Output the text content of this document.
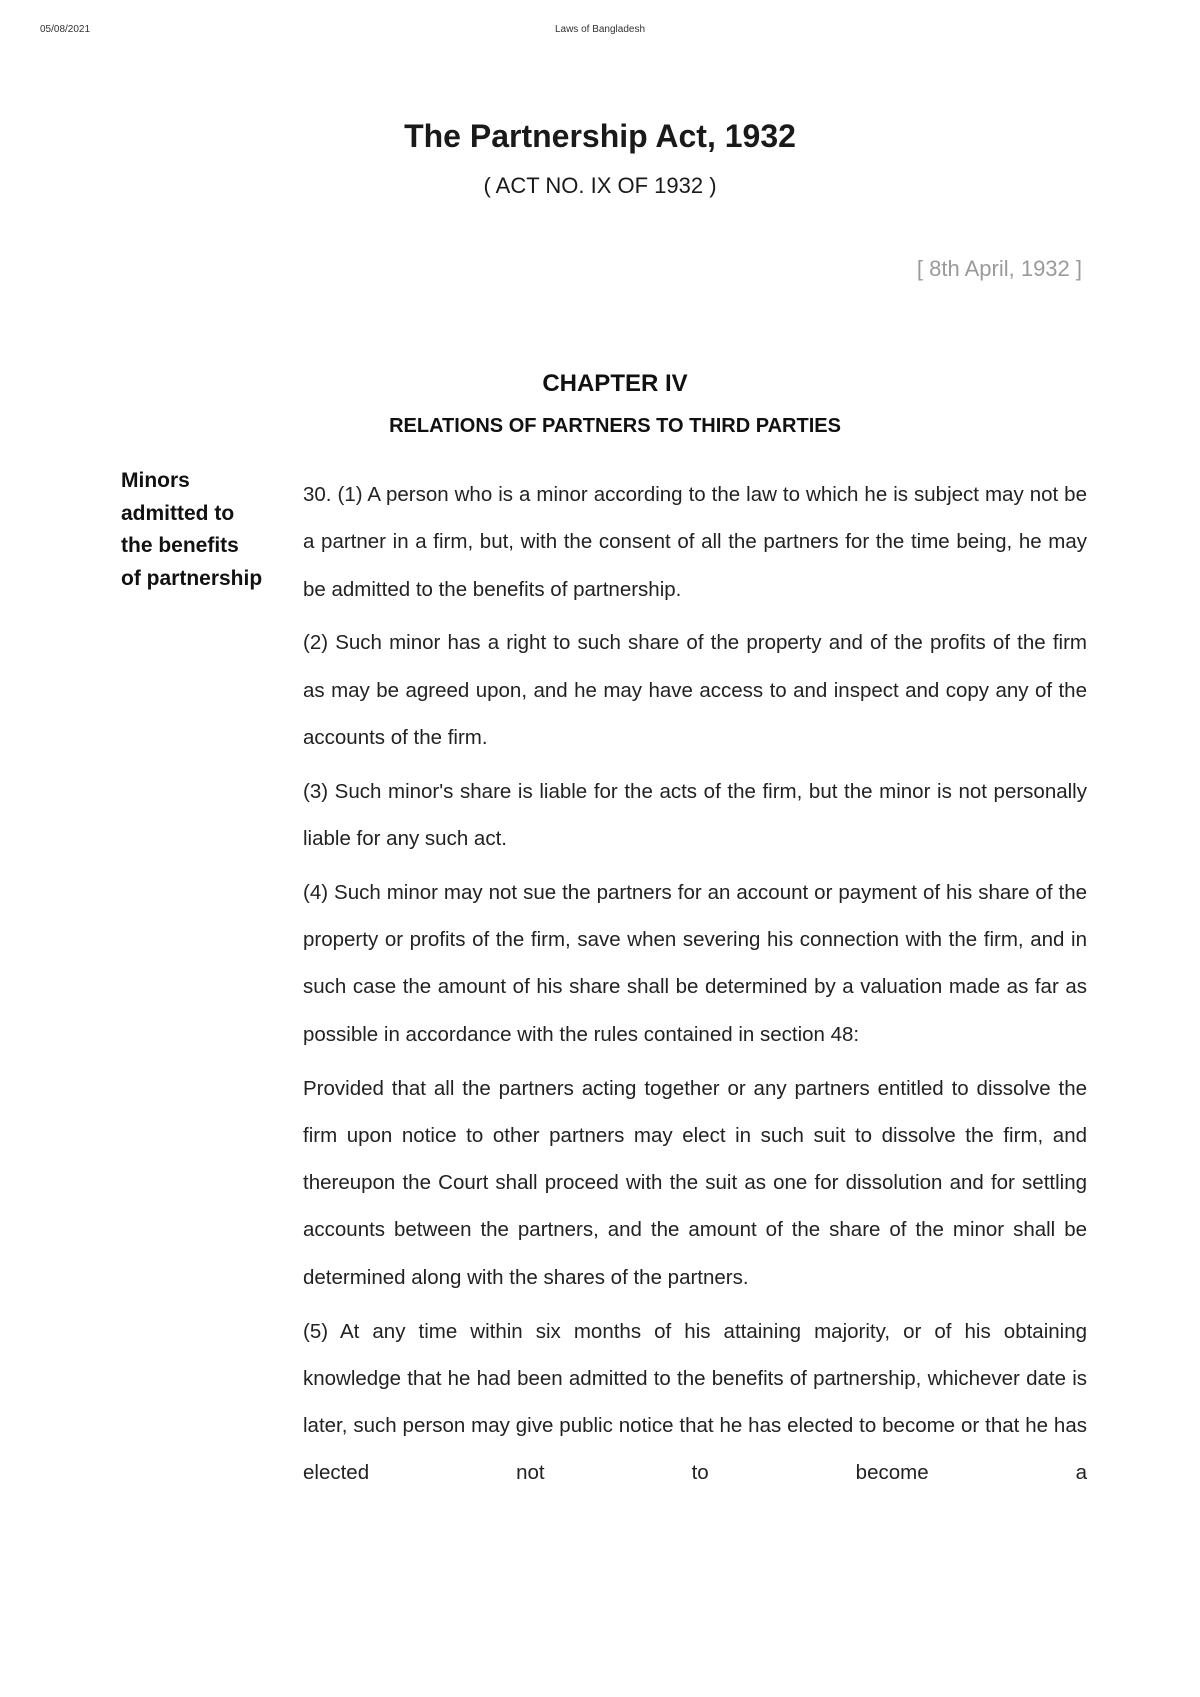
05/08/2021	Laws of Bangladesh
The Partnership Act, 1932
( ACT NO. IX OF 1932 )
[ 8th April, 1932 ]
CHAPTER IV
RELATIONS OF PARTNERS TO THIRD PARTIES
Minors admitted to the benefits of partnership

30. (1) A person who is a minor according to the law to which he is subject may not be a partner in a firm, but, with the consent of all the partners for the time being, he may be admitted to the benefits of partnership.

(2) Such minor has a right to such share of the property and of the profits of the firm as may be agreed upon, and he may have access to and inspect and copy any of the accounts of the firm.

(3) Such minor's share is liable for the acts of the firm, but the minor is not personally liable for any such act.

(4) Such minor may not sue the partners for an account or payment of his share of the property or profits of the firm, save when severing his connection with the firm, and in such case the amount of his share shall be determined by a valuation made as far as possible in accordance with the rules contained in section 48:

Provided that all the partners acting together or any partners entitled to dissolve the firm upon notice to other partners may elect in such suit to dissolve the firm, and thereupon the Court shall proceed with the suit as one for dissolution and for settling accounts between the partners, and the amount of the share of the minor shall be determined along with the shares of the partners.

(5) At any time within six months of his attaining majority, or of his obtaining knowledge that he had been admitted to the benefits of partnership, whichever date is later, such person may give public notice that he has elected to become or that he has elected not to become a
